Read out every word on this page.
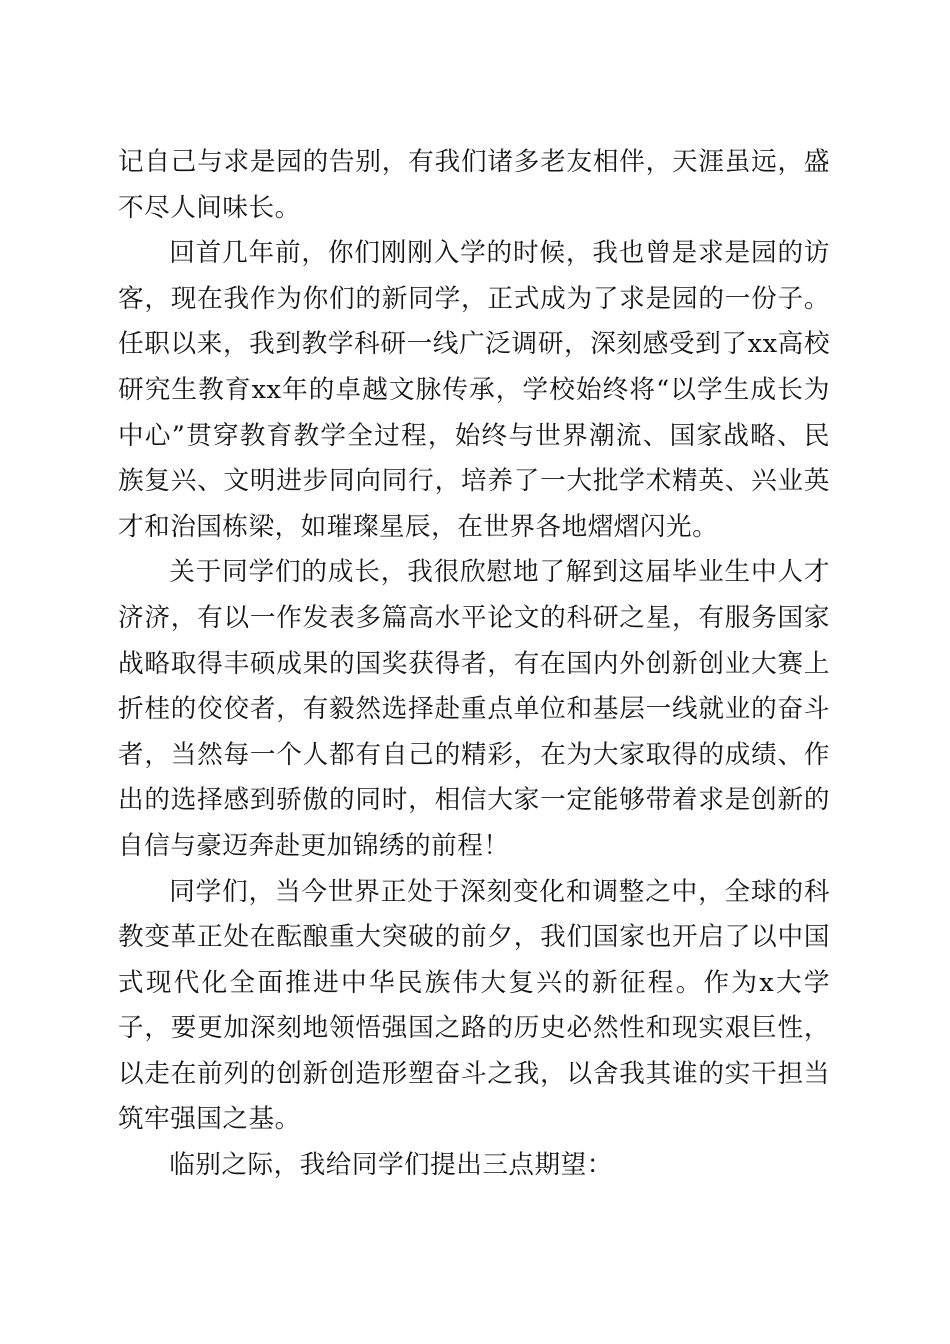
记自己与求是园的告别，有我们诸多老友相伴，天涯虽远，盛不尽人间味长。

回首几年前，你们刚刚入学的时候，我也曾是求是园的访客，现在我作为你们的新同学，正式成为了求是园的一份子。任职以来，我到教学科研一线广泛调研，深刻感受到了xx高校研究生教育xx年的卓越文脉传承，学校始终将“以学生成长为中心”贯穿教育教学全过程，始终与世界潮流、国家战略、民族复兴、文明进步同向同行，培养了一大批学术精英、兴业英才和治国栋梁，如璀璨星辰，在世界各地熠熠闪光。

关于同学们的成长，我很欣慰地了解到这届毕业生中人才济济，有以一作发表多篇高水平论文的科研之星，有服务国家战略取得丰硕成果的国奖获得者，有在国内外创新创业大赛上折桂的佼佼者，有毅然选择赴重点单位和基层一线就业的奋斗者，当然每一个人都有自己的精彩，在为大家取得的成绩、作出的选择感到骄傲的同时，相信大家一定能够带着求是创新的自信与豪迈奔赴更加锦绣的前程！

同学们，当今世界正处于深刻变化和调整之中，全球的科教变革正处在酝酿重大突破的前夕，我们国家也开启了以中国式现代化全面推进中华民族伟大复兴的新征程。作为x大学子，要更加深刻地领悟强国之路的历史必然性和现实艰巨性，以走在前列的创新创造形塑奋斗之我，以舍我其谁的实干担当筑牢强国之基。

临别之际，我给同学们提出三点期望：
